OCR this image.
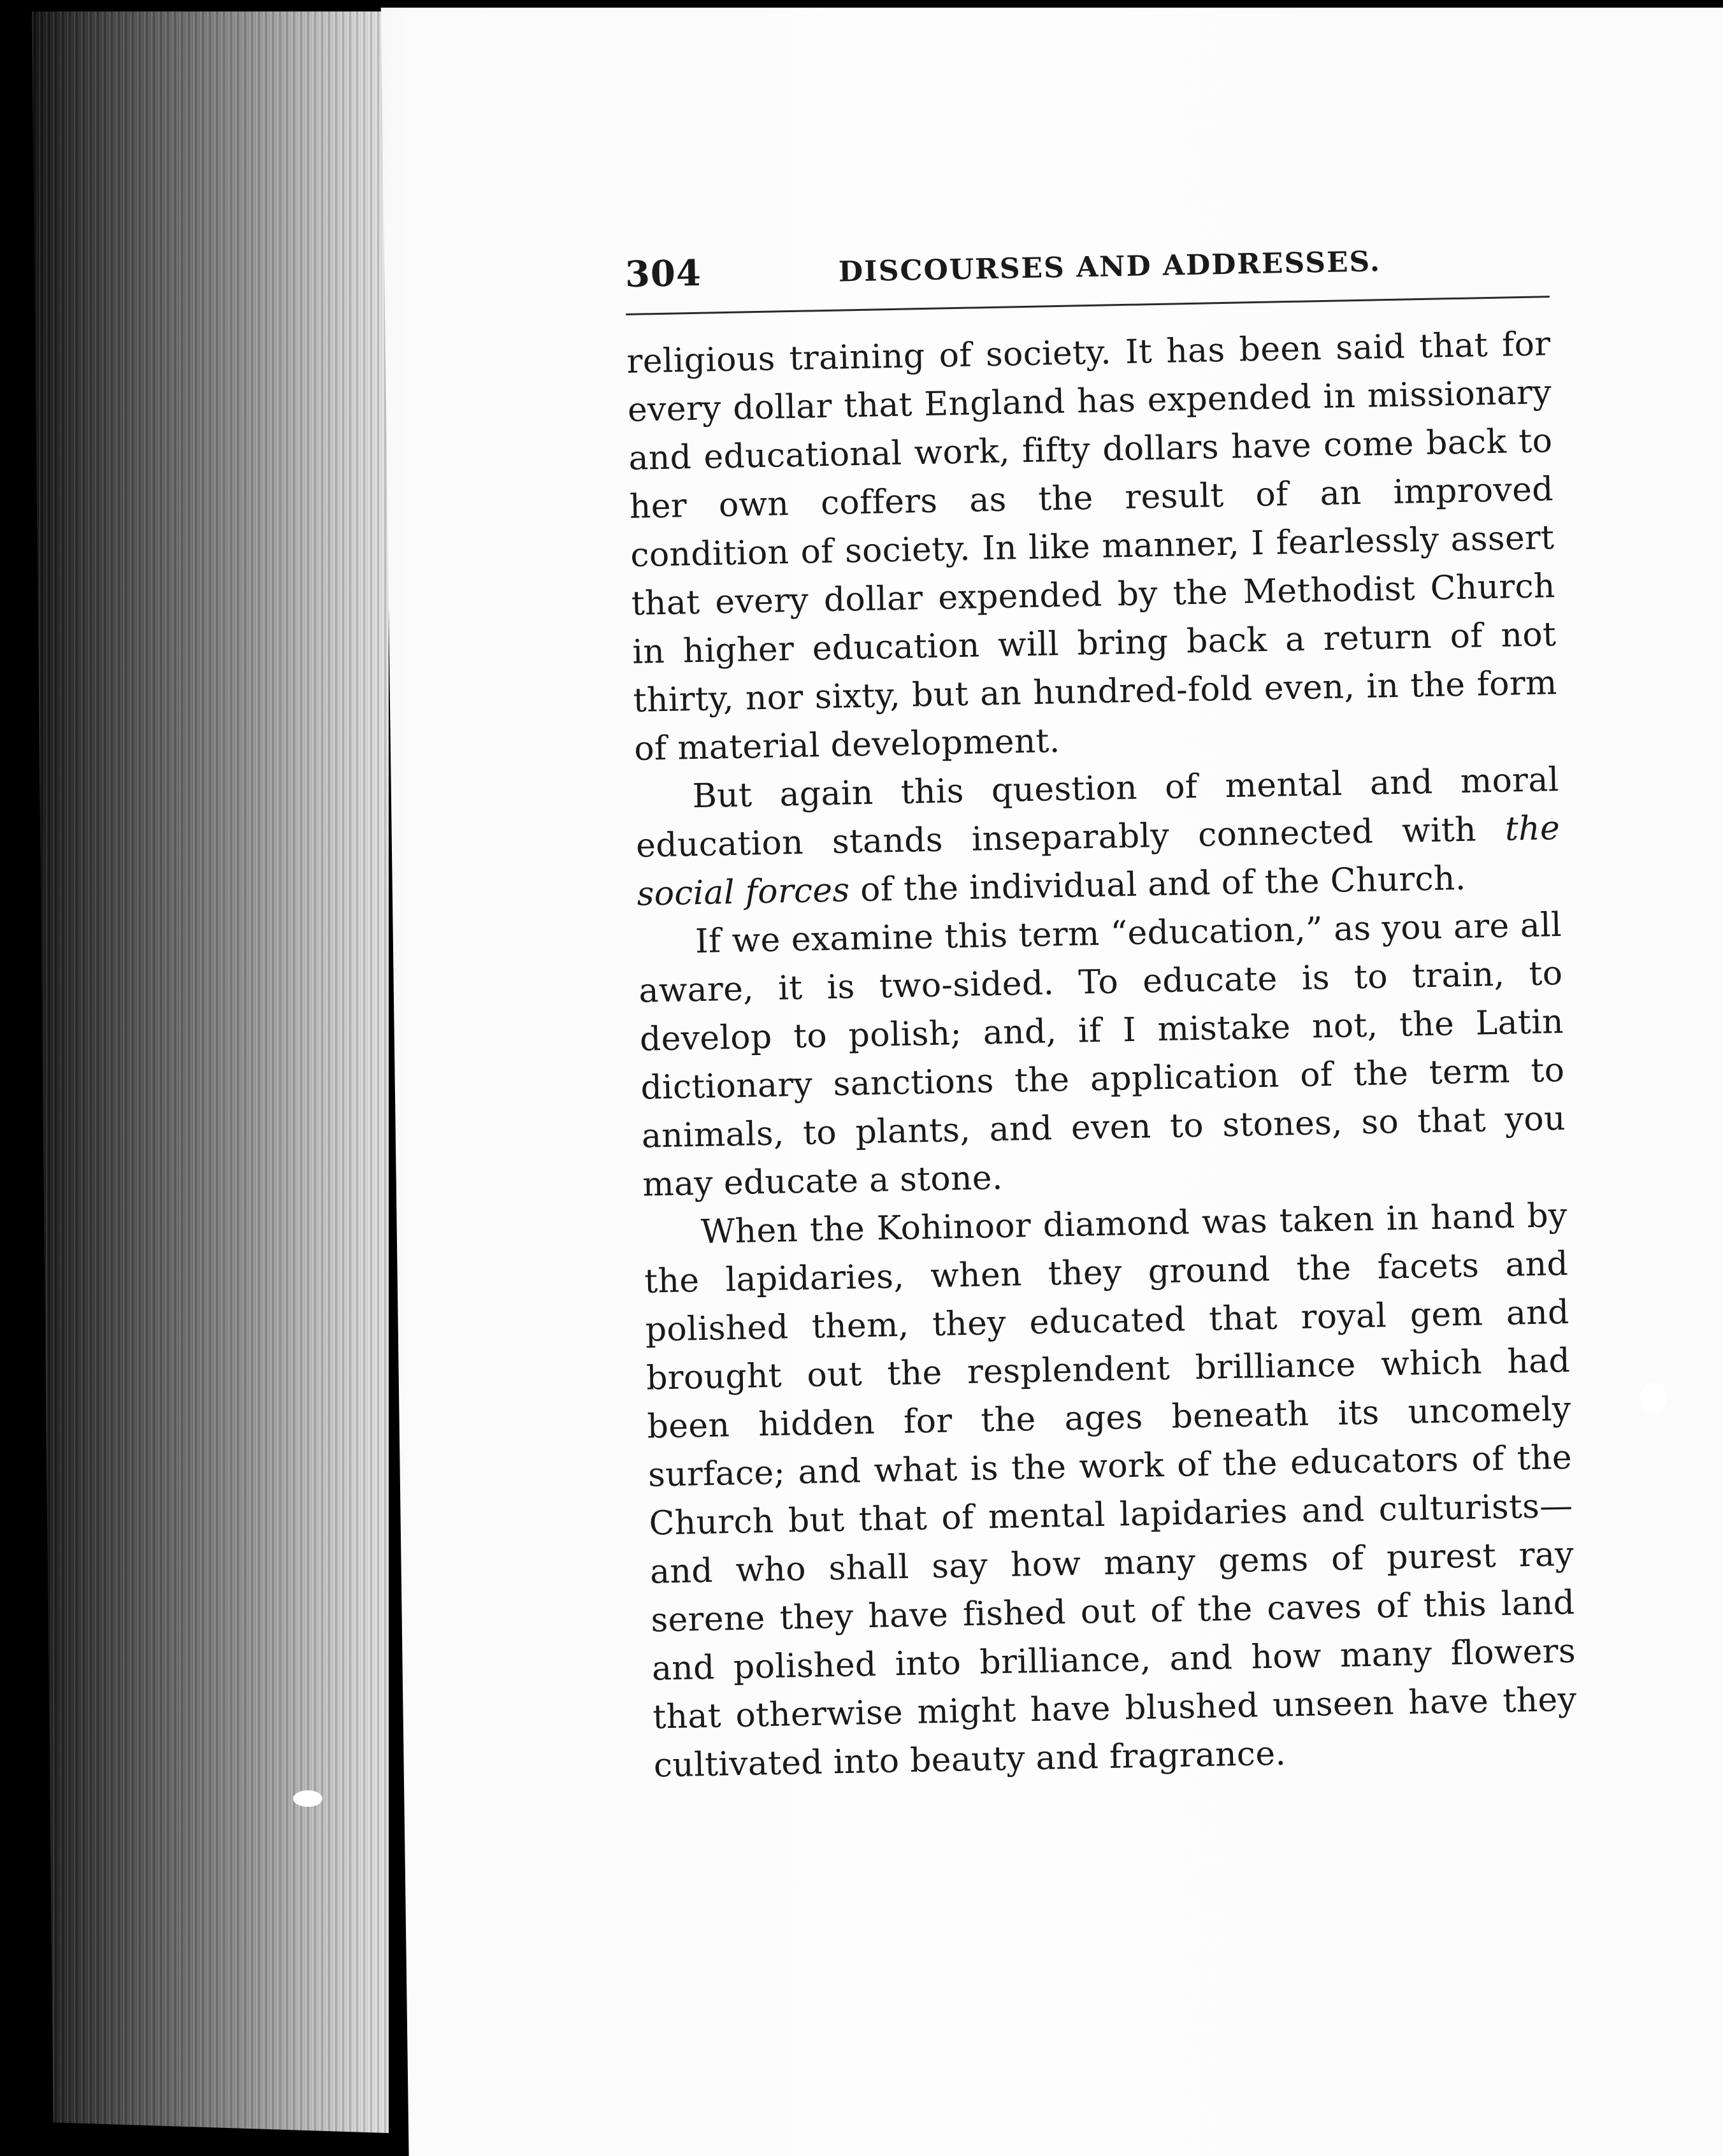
304	DISCOURSES AND ADDRESSES.

religious training of society. It has been said that for every dollar that England has expended in missionary and educational work, fifty dollars have come back to her own coffers as the result of an improved condition of society. In like manner, I fearlessly assert that every dollar expended by the Methodist Church in higher education will bring back a return of not thirty, nor sixty, but an hundred-fold even, in the form of material development.

But again this question of mental and moral education stands inseparably connected with the social forces of the individual and of the Church.

If we examine this term “education,” as you are all aware, it is two-sided. To educate is to train, to develop to polish; and, if I mistake not, the Latin dictionary sanctions the application of the term to animals, to plants, and even to stones, so that you may educate a stone.

When the Kohinoor diamond was taken in hand by the lapidaries, when they ground the facets and polished them, they educated that royal gem and brought out the resplendent brilliance which had been hidden for the ages beneath its uncomely surface; and what is the work of the educators of the Church but that of mental lapidaries and culturists—and who shall say how many gems of purest ray serene they have fished out of the caves of this land and polished into brilliance, and how many flowers that otherwise might have blushed unseen have they cultivated into beauty and fragrance.
